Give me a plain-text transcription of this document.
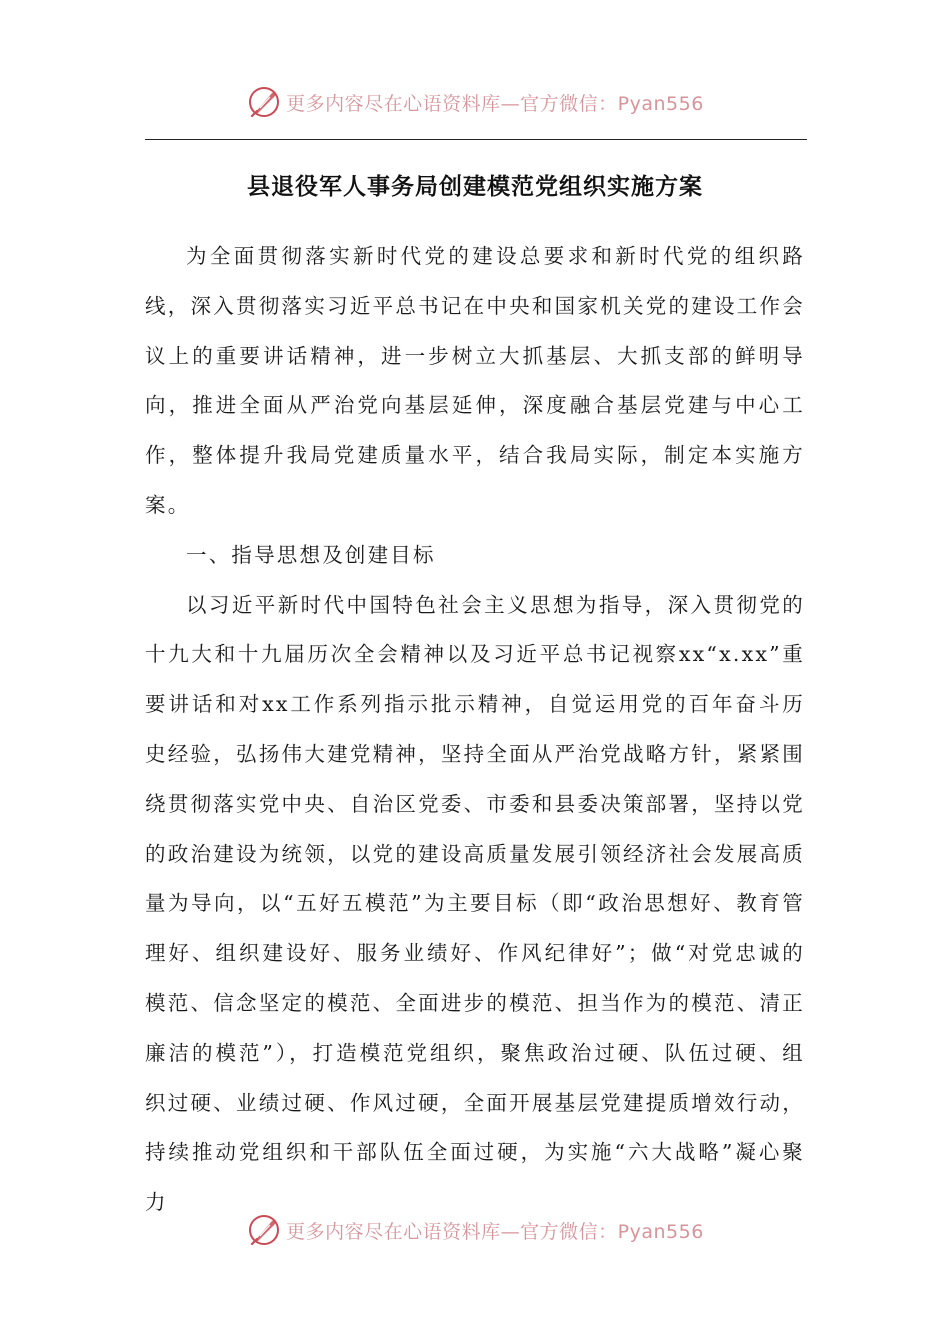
更多内容尽在心语资料库—官方微信：Pyan556
县退役军人事务局创建模范党组织实施方案

为全面贯彻落实新时代党的建设总要求和新时代党的组织路线，深入贯彻落实习近平总书记在中央和国家机关党的建设工作会议上的重要讲话精神，进一步树立大抓基层、大抓支部的鲜明导向，推进全面从严治党向基层延伸，深度融合基层党建与中心工作，整体提升我局党建质量水平，结合我局实际，制定本实施方案。

一、指导思想及创建目标

以习近平新时代中国特色社会主义思想为指导，深入贯彻党的十九大和十九届历次全会精神以及习近平总书记视察xx“x.xx”重要讲话和对xx工作系列指示批示精神，自觉运用党的百年奋斗历史经验，弘扬伟大建党精神，坚持全面从严治党战略方针，紧紧围绕贯彻落实党中央、自治区党委、市委和县委决策部署，坚持以党的政治建设为统领，以党的建设高质量发展引领经济社会发展高质量为导向，以“五好五模范”为主要目标（即“政治思想好、教育管理好、组织建设好、服务业绩好、作风纪律好”；做“对党忠诚的模范、信念坚定的模范、全面进步的模范、担当作为的模范、清正廉洁的模范”），打造模范党组织，聚焦政治过硬、队伍过硬、组织过硬、业绩过硬、作风过硬，全面开展基层党建提质增效行动，持续推动党组织和干部队伍全面过硬，为实施“六大战略”凝心聚力

更多内容尽在心语资料库—官方微信：Pyan556
